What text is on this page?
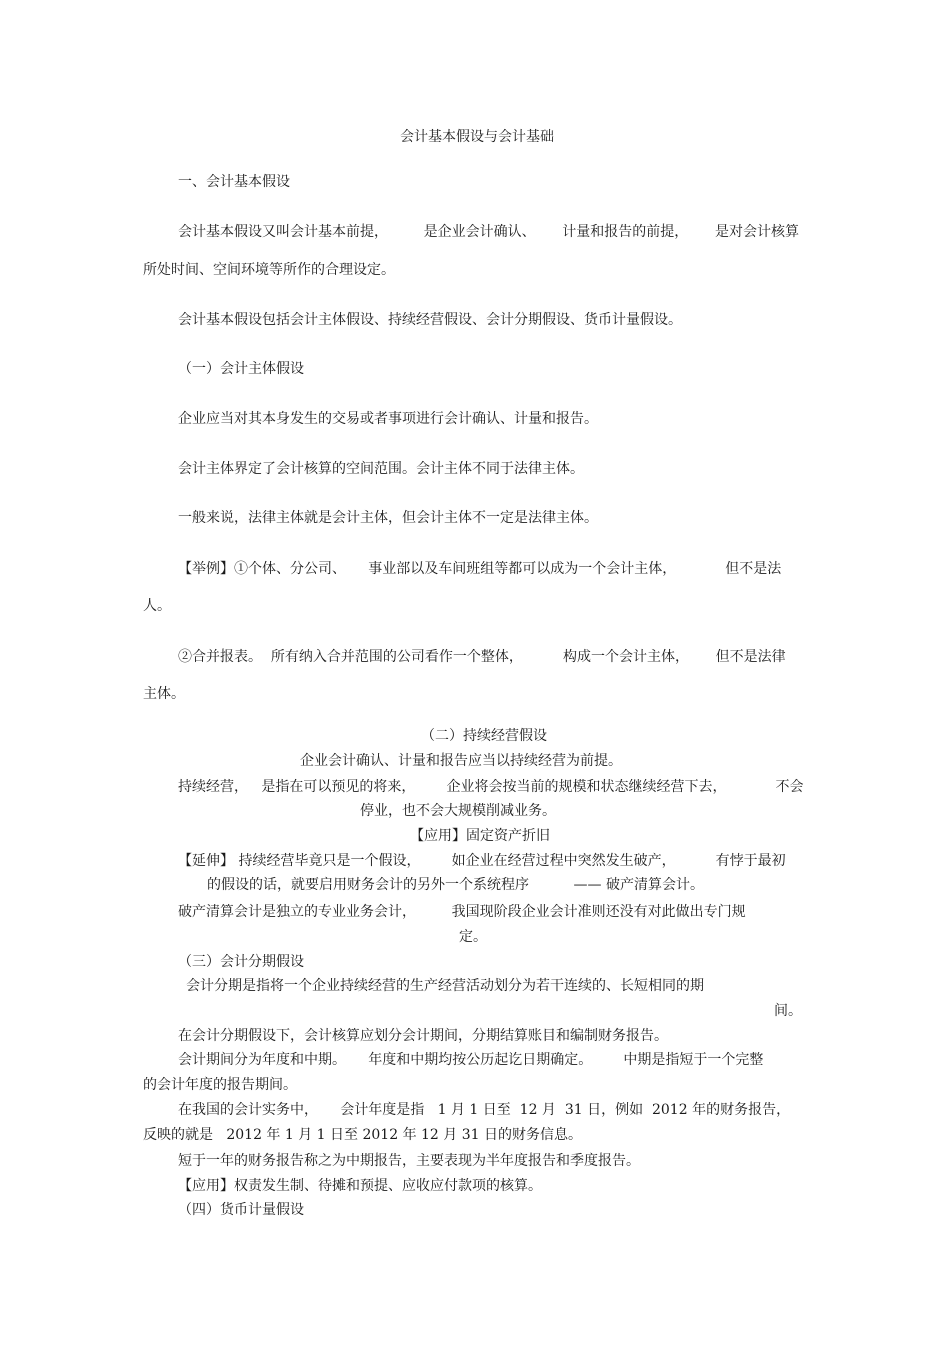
会计基本假设与会计基础
一、会计基本假设
会计基本假设又叫会计基本前提，        是企业会计确认、      计量和报告的前提，      是对会计核算
所处时间、空间环境等所作的合理设定。
会计基本假设包括会计主体假设、持续经营假设、会计分期假设、货币计量假设。
（一）会计主体假设
企业应当对其本身发生的交易或者事项进行会计确认、计量和报告。
会计主体界定了会计核算的空间范围。会计主体不同于法律主体。
一般来说，法律主体就是会计主体，但会计主体不一定是法律主体。
【举例】①个体、分公司、     事业部以及车间班组等都可以成为一个会计主体，           但不是法
人。
②合并报表。  所有纳入合并范围的公司看作一个整体，         构成一个会计主体，      但不是法律
主体。
（二）持续经营假设
企业会计确认、计量和报告应当以持续经营为前提。
持续经营，   是指在可以预见的将来，       企业将会按当前的规模和状态继续经营下去，           不会
停业，也不会大规模削减业务。
【应用】固定资产折旧
【延伸】 持续经营毕竟只是一个假设，       如企业在经营过程中突然发生破产，         有悖于最初
的假设的话，就要启用财务会计的另外一个系统程序          —— 破产清算会计。
破产清算会计是独立的专业业务会计，        我国现阶段企业会计准则还没有对此做出专门规
定。
（三）会计分期假设
会计分期是指将一个企业持续经营的生产经营活动划分为若干连续的、长短相同的期
间。
在会计分期假设下，会计核算应划分会计期间，分期结算账目和编制财务报告。
会计期间分为年度和中期。     年度和中期均按公历起讫日期确定。       中期是指短于一个完整
的会计年度的报告期间。
在我国的会计实务中，     会计年度是指   1 月 1 日至  12 月  31 日，例如  2012 年的财务报告，
反映的就是   2012 年 1 月 1 日至 2012 年 12 月 31 日的财务信息。
短于一年的财务报告称之为中期报告，主要表现为半年度报告和季度报告。
【应用】权责发生制、待摊和预提、应收应付款项的核算。
（四）货币计量假设
